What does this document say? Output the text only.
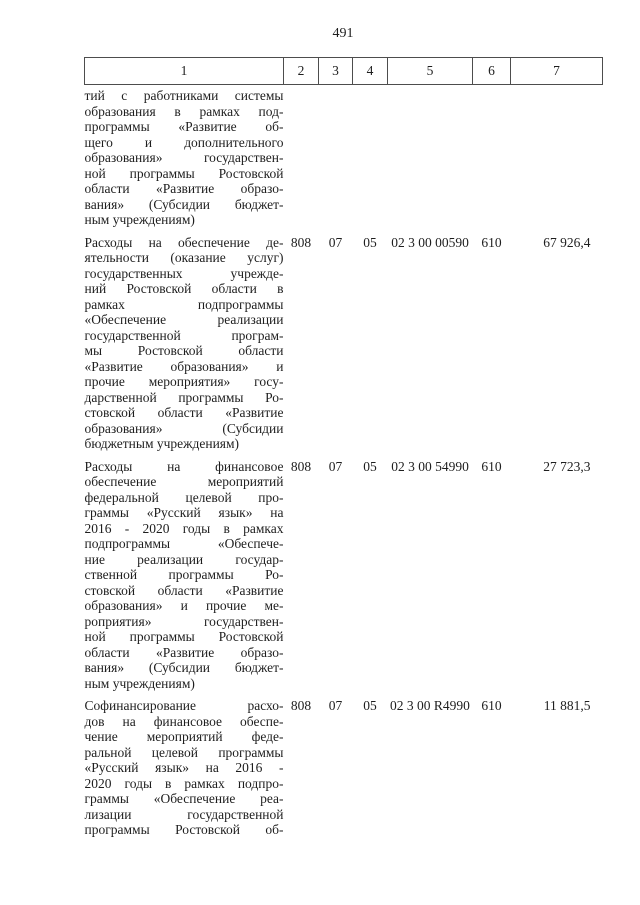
491
1	2	3	4	5	6	7

тий с работниками системы
образования в рамках под-
программы «Развитие об-
щего и дополнительного
образования» государствен-
ной программы Ростовской
области «Развитие образо-
вания» (Субсидии бюджет-
ным учреждениям)

Расходы на обеспечение де-
ятельности (оказание услуг)
государственных учрежде-
ний Ростовской области в
рамках подпрограммы
«Обеспечение реализации
государственной програм-
мы Ростовской области
«Развитие образования» и
прочие мероприятия» госу-
дарственной программы Ро-
стовской области «Развитие
образования» (Субсидии
бюджетным учреждениям)
	808	07	05	02 3 00 00590	610	67 926,4

Расходы на финансовое
обеспечение мероприятий
федеральной целевой про-
граммы «Русский язык» на
2016 - 2020 годы в рамках
подпрограммы «Обеспече-
ние реализации государ-
ственной программы Ро-
стовской области «Развитие
образования» и прочие ме-
роприятия» государствен-
ной программы Ростовской
области «Развитие образо-
вания» (Субсидии бюджет-
ным учреждениям)
	808	07	05	02 3 00 54990	610	27 723,3

Софинансирование расхо-
дов на финансовое обеспе-
чение мероприятий феде-
ральной целевой программы
«Русский язык» на 2016 -
2020 годы в рамках подпро-
граммы «Обеспечение реа-
лизации государственной
программы Ростовской об-
	808	07	05	02 3 00 R4990	610	11 881,5
